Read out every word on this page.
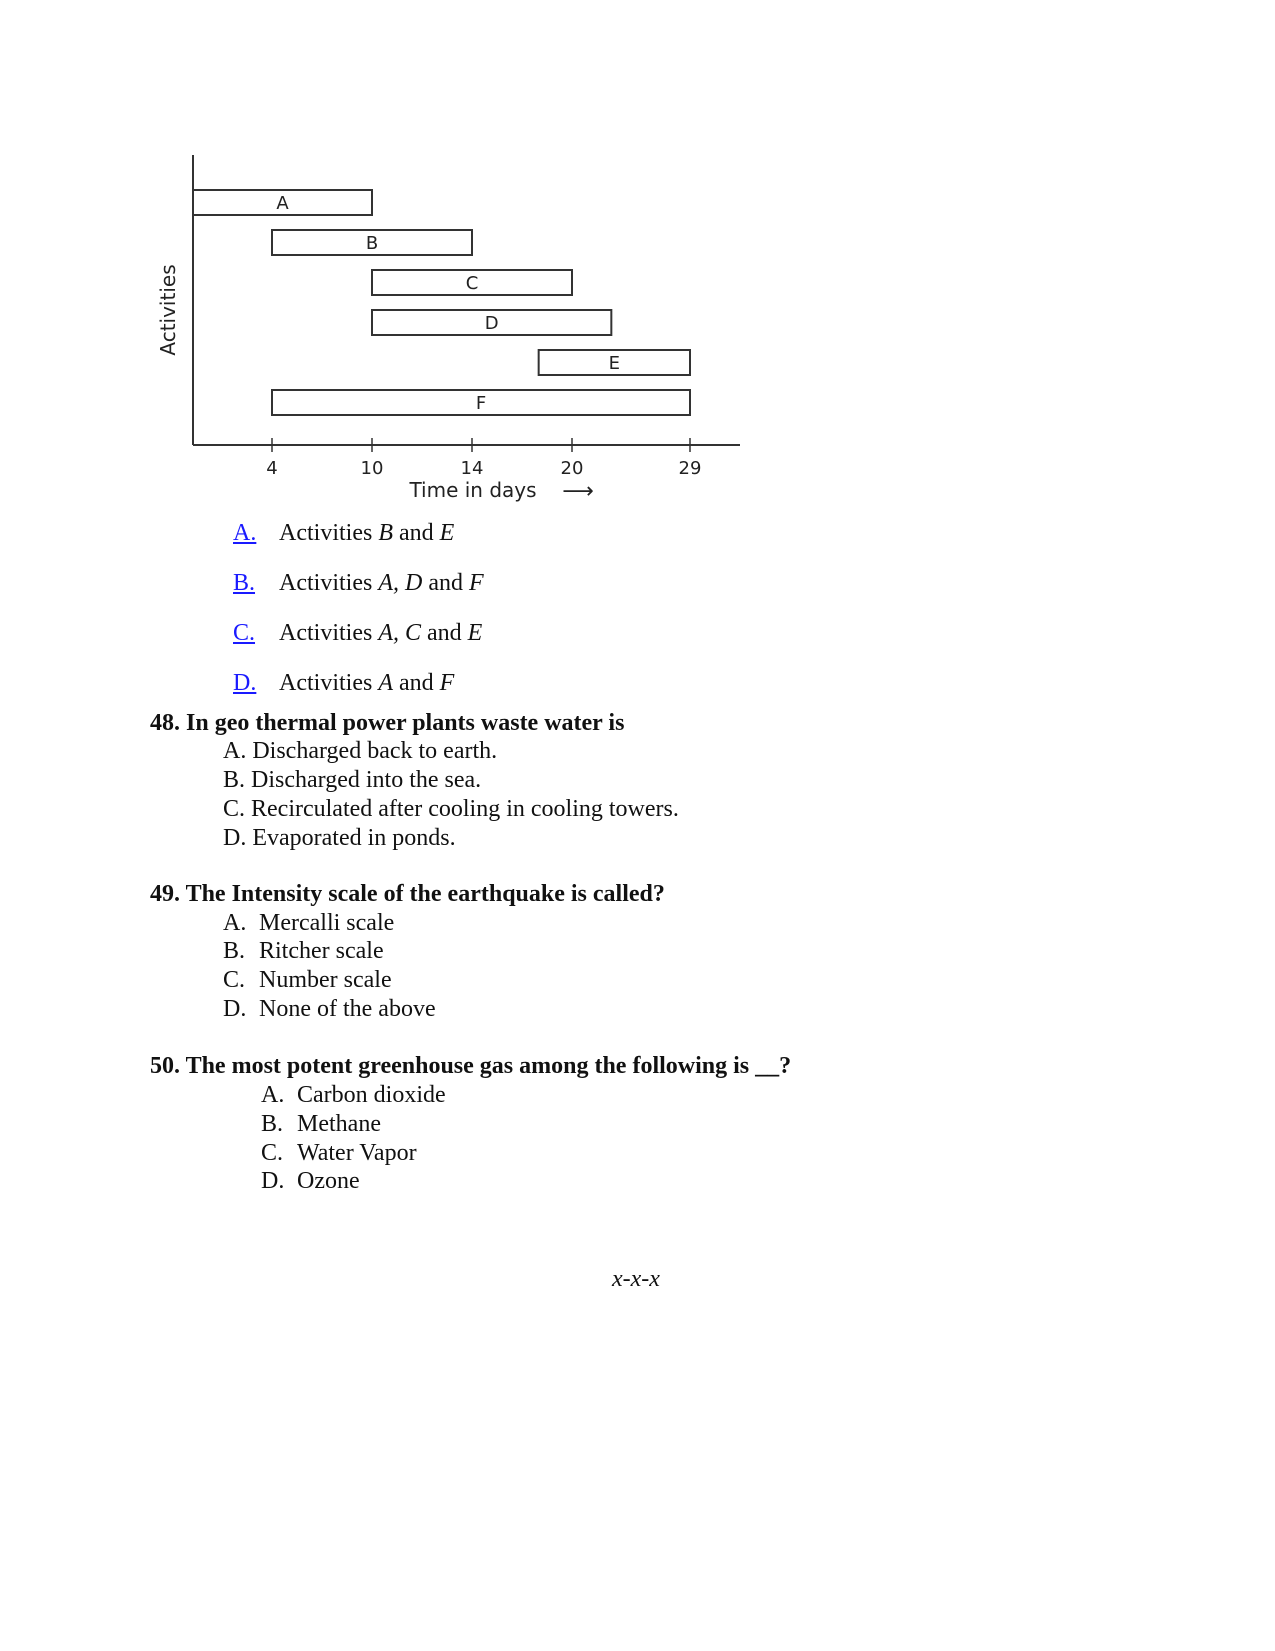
A
B
C
D
E
F
4	10	14	20	29
Activities
Time in days ⟶
A. Activities B and E
B. Activities A, D and F
C. Activities A, C and E
D. Activities A and F
48. In geo thermal power plants waste water is
A. Discharged back to earth.
B. Discharged into the sea.
C. Recirculated after cooling in cooling towers.
D. Evaporated in ponds.
49. The Intensity scale of the earthquake is called?
A. Mercalli scale
B. Ritcher scale
C. Number scale
D. None of the above
50. The most potent greenhouse gas among the following is __?
A. Carbon dioxide
B. Methane
C. Water Vapor
D. Ozone
x-x-x
